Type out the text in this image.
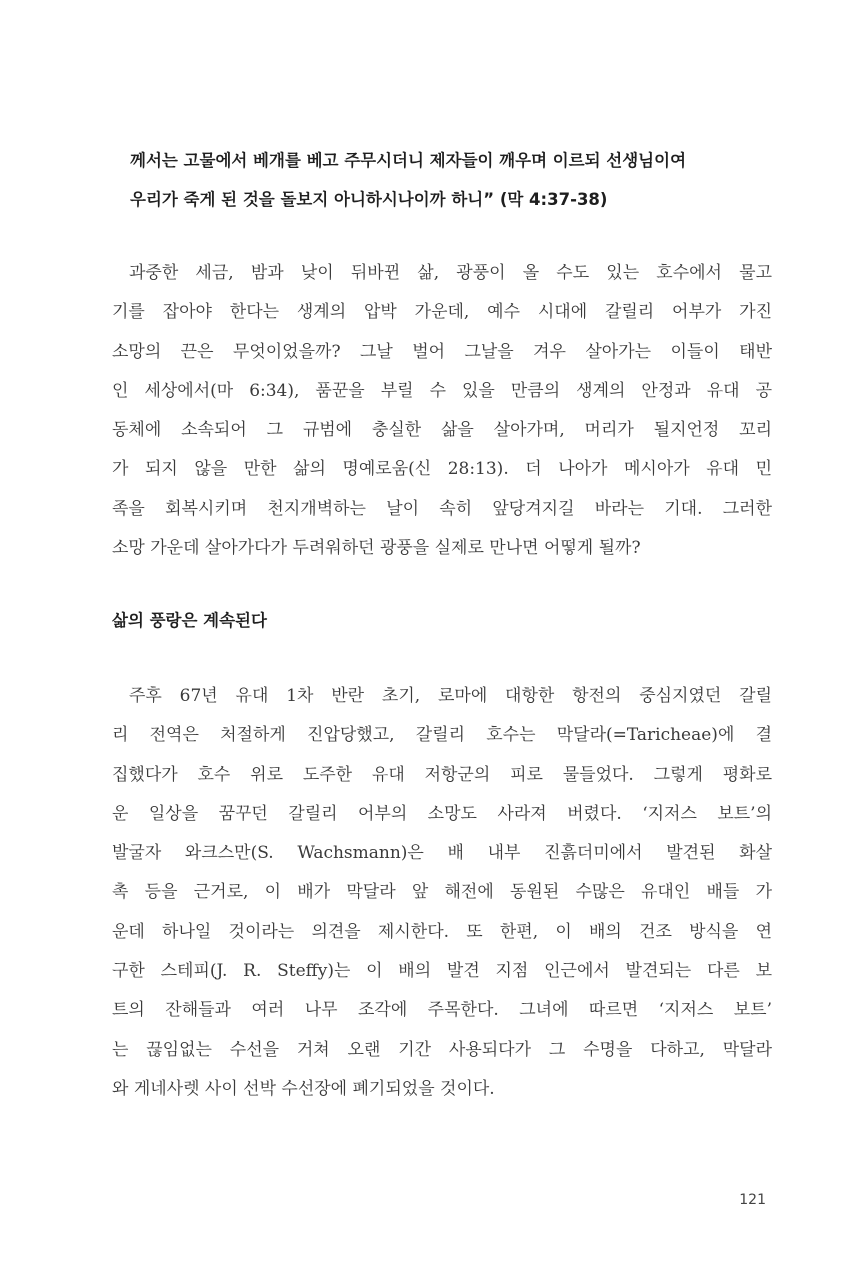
께서는 고물에서 베개를 베고 주무시더니 제자들이 깨우며 이르되 선생님이여
우리가 죽게 된 것을 돌보지 아니하시나이까 하니” (막 4:37-38)
과중한 세금, 밤과 낮이 뒤바뀐 삶, 광풍이 올 수도 있는 호수에서 물고
기를 잡아야 한다는 생계의 압박 가운데, 예수 시대에 갈릴리 어부가 가진
소망의 끈은 무엇이었을까? 그날 벌어 그날을 겨우 살아가는 이들이 태반
인 세상에서(마 6:34), 품꾼을 부릴 수 있을 만큼의 생계의 안정과 유대 공
동체에 소속되어 그 규범에 충실한 삶을 살아가며, 머리가 될지언정 꼬리
가 되지 않을 만한 삶의 명예로움(신 28:13). 더 나아가 메시아가 유대 민
족을 회복시키며 천지개벽하는 날이 속히 앞당겨지길 바라는 기대. 그러한
소망 가운데 살아가다가 두려워하던 광풍을 실제로 만나면 어떻게 될까?
삶의 풍랑은 계속된다
주후 67년 유대 1차 반란 초기, 로마에 대항한 항전의 중심지였던 갈릴
리 전역은 처절하게 진압당했고, 갈릴리 호수는 막달라(=Taricheae)에 결
집했다가 호수 위로 도주한 유대 저항군의 피로 물들었다. 그렇게 평화로
운 일상을 꿈꾸던 갈릴리 어부의 소망도 사라져 버렸다. ‘지저스 보트’의
발굴자 와크스만(S. Wachsmann)은 배 내부 진흙더미에서 발견된 화살
촉 등을 근거로, 이 배가 막달라 앞 해전에 동원된 수많은 유대인 배들 가
운데 하나일 것이라는 의견을 제시한다. 또 한편, 이 배의 건조 방식을 연
구한 스테피(J. R. Steffy)는 이 배의 발견 지점 인근에서 발견되는 다른 보
트의 잔해들과 여러 나무 조각에 주목한다. 그녀에 따르면 ‘지저스 보트’
는 끊임없는 수선을 거쳐 오랜 기간 사용되다가 그 수명을 다하고, 막달라
와 게네사렛 사이 선박 수선장에 폐기되었을 것이다.
121
